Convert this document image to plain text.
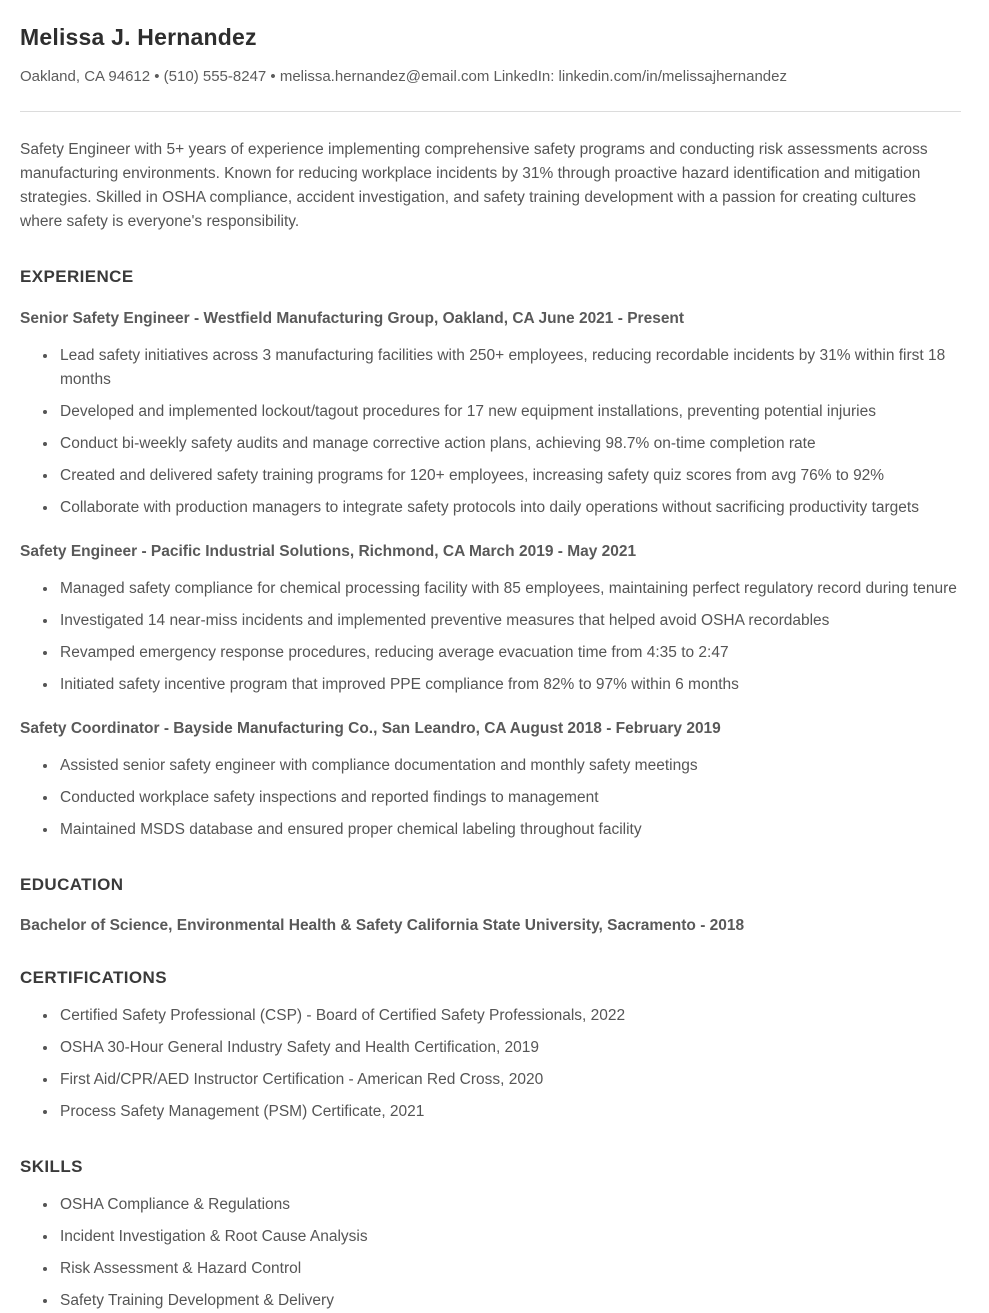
Melissa J. Hernandez

Oakland, CA 94612 • (510) 555-8247 • melissa.hernandez@email.com LinkedIn: linkedin.com/in/melissajhernandez

Safety Engineer with 5+ years of experience implementing comprehensive safety programs and conducting risk assessments across manufacturing environments. Known for reducing workplace incidents by 31% through proactive hazard identification and mitigation strategies. Skilled in OSHA compliance, accident investigation, and safety training development with a passion for creating cultures where safety is everyone's responsibility.

EXPERIENCE
Senior Safety Engineer - Westfield Manufacturing Group, Oakland, CA June 2021 - Present
• Lead safety initiatives across 3 manufacturing facilities with 250+ employees, reducing recordable incidents by 31% within first 18 months
• Developed and implemented lockout/tagout procedures for 17 new equipment installations, preventing potential injuries
• Conduct bi-weekly safety audits and manage corrective action plans, achieving 98.7% on-time completion rate
• Created and delivered safety training programs for 120+ employees, increasing safety quiz scores from avg 76% to 92%
• Collaborate with production managers to integrate safety protocols into daily operations without sacrificing productivity targets
Safety Engineer - Pacific Industrial Solutions, Richmond, CA March 2019 - May 2021
• Managed safety compliance for chemical processing facility with 85 employees, maintaining perfect regulatory record during tenure
• Investigated 14 near-miss incidents and implemented preventive measures that helped avoid OSHA recordables
• Revamped emergency response procedures, reducing average evacuation time from 4:35 to 2:47
• Initiated safety incentive program that improved PPE compliance from 82% to 97% within 6 months
Safety Coordinator - Bayside Manufacturing Co., San Leandro, CA August 2018 - February 2019
• Assisted senior safety engineer with compliance documentation and monthly safety meetings
• Conducted workplace safety inspections and reported findings to management
• Maintained MSDS database and ensured proper chemical labeling throughout facility
EDUCATION

Bachelor of Science, Environmental Health & Safety California State University, Sacramento - 2018

CERTIFICATIONS
• Certified Safety Professional (CSP) - Board of Certified Safety Professionals, 2022
• OSHA 30-Hour General Industry Safety and Health Certification, 2019
• First Aid/CPR/AED Instructor Certification - American Red Cross, 2020
• Process Safety Management (PSM) Certificate, 2021
SKILLS
• OSHA Compliance & Regulations
• Incident Investigation & Root Cause Analysis
• Risk Assessment & Hazard Control
• Safety Training Development & Delivery
